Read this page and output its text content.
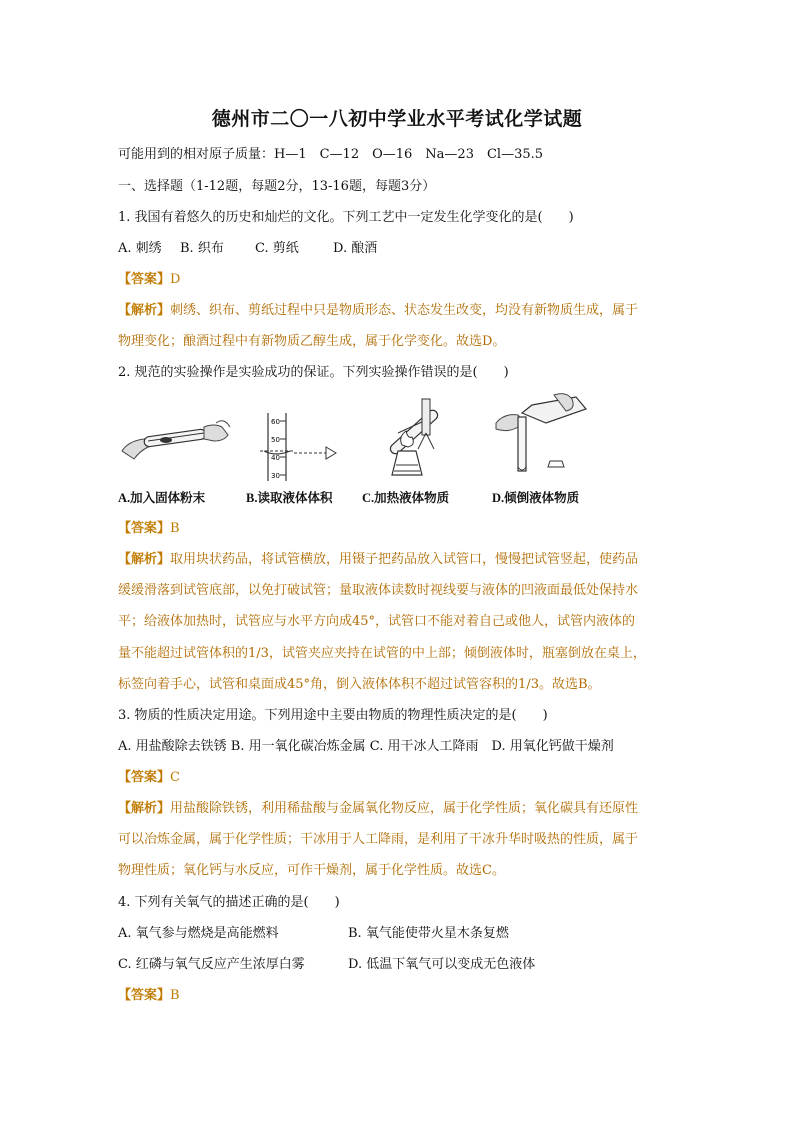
德州市二〇一八初中学业水平考试化学试题
可能用到的相对原子质量：H—1　C—12　O—16　Na—23　Cl—35.5
一、选择题（1-12题，每题2分，13-16题，每题3分）
1. 我国有着悠久的历史和灿烂的文化。下列工艺中一定发生化学变化的是(　　)
A. 刺绣 B. 织布 C. 剪纸	D. 酿酒
【答案】D
【解析】刺绣、织布、剪纸过程中只是物质形态、状态发生改变，均没有新物质生成，属于
物理变化；酿酒过程中有新物质乙醇生成，属于化学变化。故选D。
2. 规范的实验操作是实验成功的保证。下列实验操作错误的是(　　)
A.加入固体粉末
60
50
40
30
B.读取液体体积	C.加热液体物质	D.倾倒液体物质
【答案】B
【解析】取用块状药品，将试管横放，用镊子把药品放入试管口，慢慢把试管竖起，使药品
缓缓滑落到试管底部，以免打破试管；量取液体读数时视线要与液体的凹液面最低处保持水
平；给液体加热时，试管应与水平方向成45°，试管口不能对着自己或他人，试管内液体的
量不能超过试管体积的1/3，试管夹应夹持在试管的中上部；倾倒液体时，瓶塞倒放在桌上，
标签向着手心，试管和桌面成45°角，倒入液体体积不超过试管容积的1/3。故选B。
3. 物质的性质决定用途。下列用途中主要由物质的物理性质决定的是(　　)
A. 用盐酸除去铁锈 B. 用一氧化碳冶炼金属 C. 用干冰人工降雨　D. 用氧化钙做干燥剂
【答案】C
【解析】用盐酸除铁锈，利用稀盐酸与金属氧化物反应，属于化学性质；氧化碳具有还原性
可以冶炼金属，属于化学性质；干冰用于人工降雨，是利用了干冰升华时吸热的性质，属于
物理性质；氧化钙与水反应，可作干燥剂，属于化学性质。故选C。
4. 下列有关氧气的描述正确的是(　　)
A. 氧气参与燃烧是高能燃料	B. 氧气能使带火星木条复燃
C. 红磷与氧气反应产生浓厚白雾	D. 低温下氧气可以变成无色液体
【答案】B
